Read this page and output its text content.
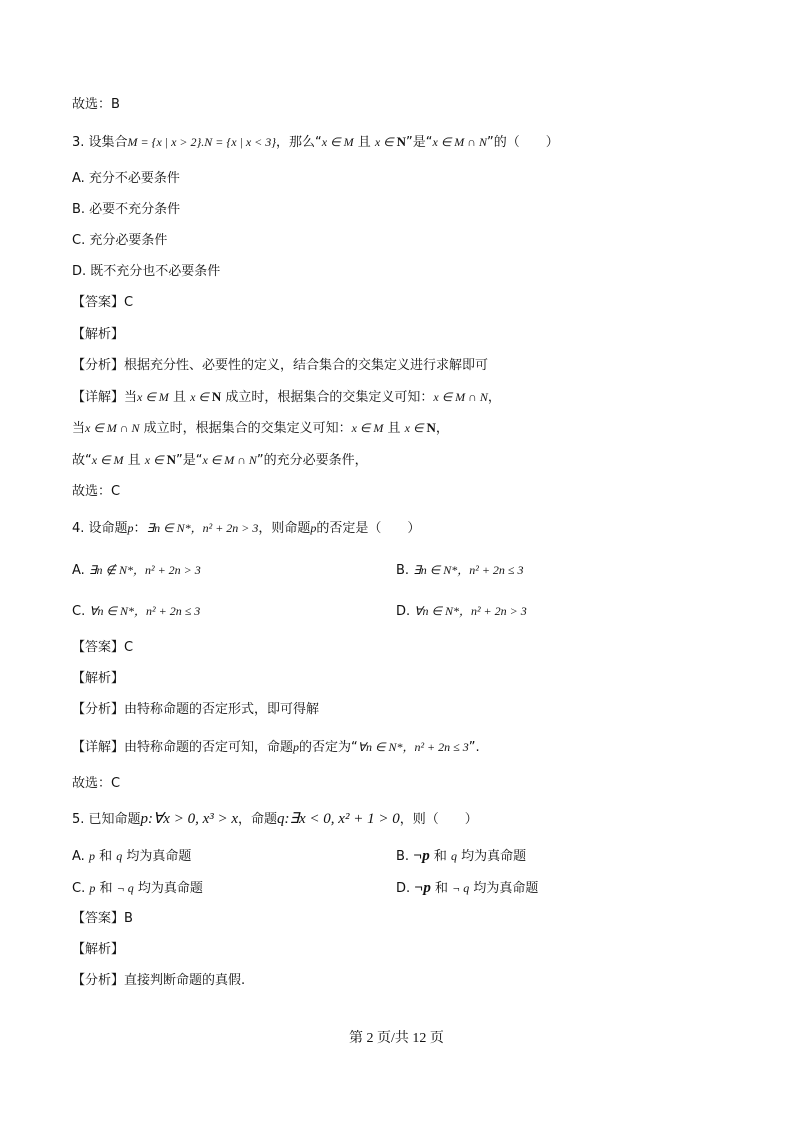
故选：B
3. 设集合M = {x | x > 2}.N = {x | x < 3}，那么“x ∈ M 且 x ∈ N”是“x ∈ M ∩ N”的（　　）
A. 充分不必要条件
B. 必要不充分条件
C. 充分必要条件
D. 既不充分也不必要条件
【答案】C
【解析】
【分析】根据充分性、必要性的定义，结合集合的交集定义进行求解即可
【详解】当x ∈ M 且 x ∈ N 成立时，根据集合的交集定义可知：x ∈ M ∩ N，
当x ∈ M ∩ N 成立时，根据集合的交集定义可知：x ∈ M 且 x ∈ N，
故“x ∈ M 且 x ∈ N”是“x ∈ M ∩ N”的充分必要条件，
故选：C
4. 设命题p：∃n ∈ N*，n² + 2n > 3，则命题p的否定是（　　）
A. ∃n ∉ N*，n² + 2n > 3	B. ∃n ∈ N*，n² + 2n ≤ 3
C. ∀n ∈ N*，n² + 2n ≤ 3	D. ∀n ∈ N*，n² + 2n > 3
【答案】C
【解析】
【分析】由特称命题的否定形式，即可得解
【详解】由特称命题的否定可知，命题p的否定为“∀n ∈ N*，n² + 2n ≤ 3”.
故选：C
5. 已知命题p:∀x > 0, x³ > x，命题q:∃x < 0, x² + 1 > 0，则（　　）
A. p 和 q 均为真命题	B. ¬p 和 q 均为真命题
C. p 和 ¬ q 均为真命题	D. ¬p 和 ¬ q 均为真命题
【答案】B
【解析】
【分析】直接判断命题的真假.
第 2 页/共 12 页
